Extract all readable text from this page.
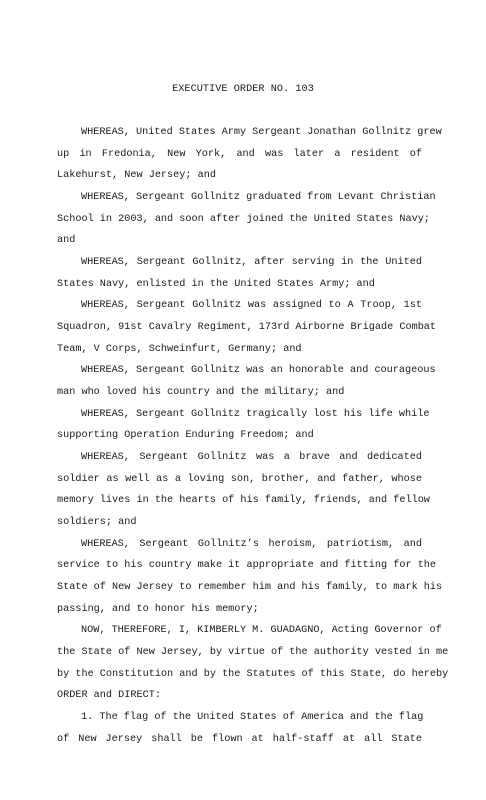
EXECUTIVE ORDER NO. 103
WHEREAS, United States Army Sergeant Jonathan Gollnitz grew
up in Fredonia, New York, and was later a resident of
Lakehurst, New Jersey; and
WHEREAS, Sergeant Gollnitz graduated from Levant Christian
School in 2003, and soon after joined the United States Navy;
and
WHEREAS, Sergeant Gollnitz, after serving in the United
States Navy, enlisted in the United States Army; and
WHEREAS, Sergeant Gollnitz was assigned to A Troop, 1st
Squadron, 91st Cavalry Regiment, 173rd Airborne Brigade Combat
Team, V Corps, Schweinfurt, Germany; and
WHEREAS, Sergeant Gollnitz was an honorable and courageous
man who loved his country and the military; and
WHEREAS, Sergeant Gollnitz tragically lost his life while
supporting Operation Enduring Freedom; and
WHEREAS, Sergeant Gollnitz was a brave and dedicated
soldier as well as a loving son, brother, and father, whose
memory lives in the hearts of his family, friends, and fellow
soldiers; and
WHEREAS, Sergeant Gollnitz’s heroism, patriotism, and
service to his country make it appropriate and fitting for the
State of New Jersey to remember him and his family, to mark his
passing, and to honor his memory;
NOW, THEREFORE, I, KIMBERLY M. GUADAGNO, Acting Governor of
the State of New Jersey, by virtue of the authority vested in me
by the Constitution and by the Statutes of this State, do hereby
ORDER and DIRECT:
1. The flag of the United States of America and the flag
of New Jersey shall be flown at half-staff at all State
